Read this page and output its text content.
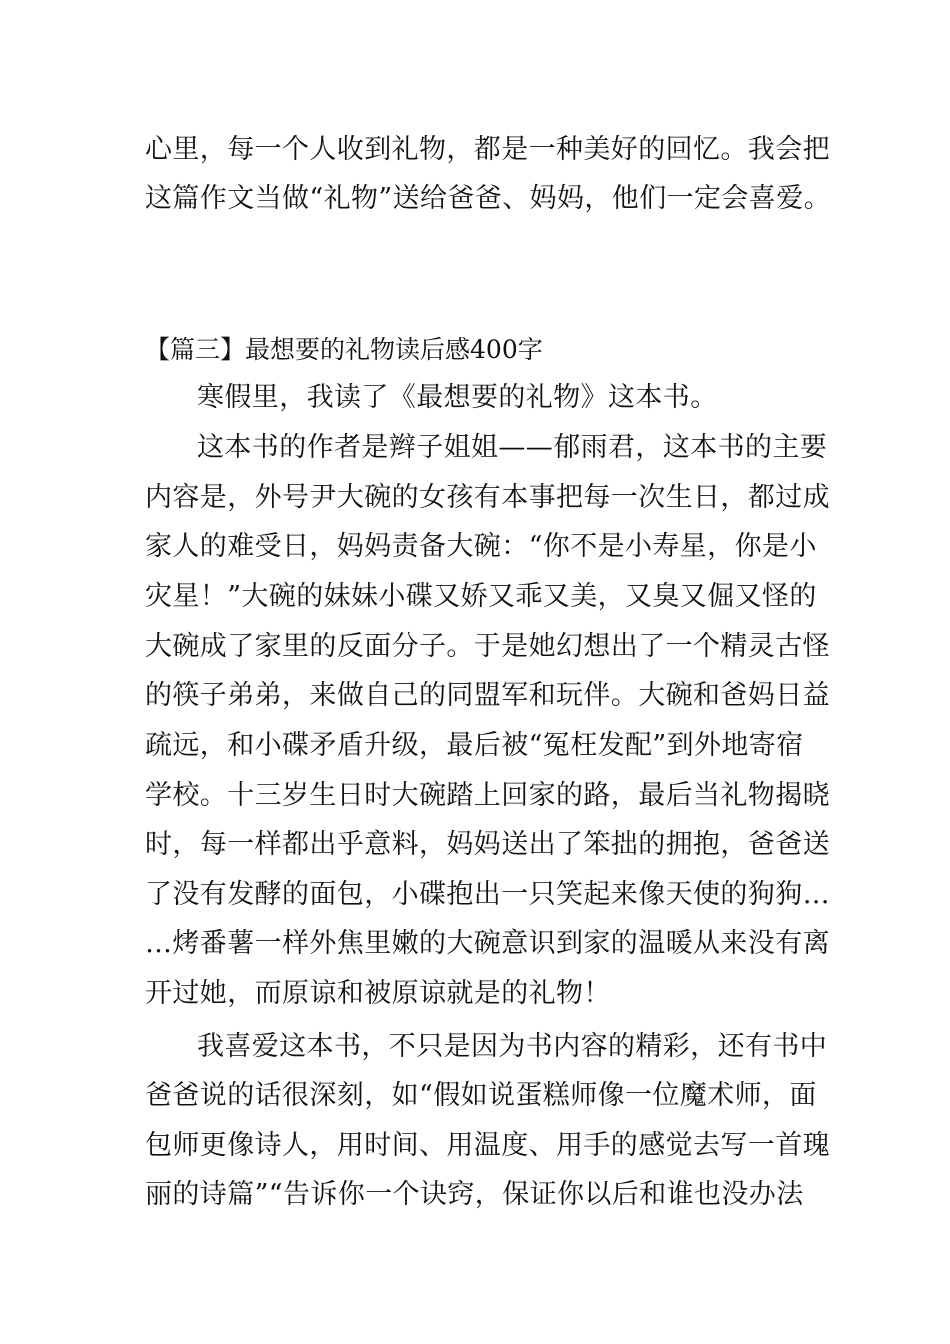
心里，每一个人收到礼物，都是一种美好的回忆。我会把
这篇作文当做“礼物”送给爸爸、妈妈，他们一定会喜爱。
【篇三】最想要的礼物读后感400字
寒假里，我读了《最想要的礼物》这本书。
这本书的作者是辫子姐姐——郁雨君，这本书的主要
内容是，外号尹大碗的女孩有本事把每一次生日，都过成
家人的难受日，妈妈责备大碗：“你不是小寿星，你是小
灾星！”大碗的妹妹小碟又娇又乖又美，又臭又倔又怪的
大碗成了家里的反面分子。于是她幻想出了一个精灵古怪
的筷子弟弟，来做自己的同盟军和玩伴。大碗和爸妈日益
疏远，和小碟矛盾升级，最后被“冤枉发配”到外地寄宿
学校。十三岁生日时大碗踏上回家的路，最后当礼物揭晓
时，每一样都出乎意料，妈妈送出了笨拙的拥抱，爸爸送
了没有发酵的面包，小碟抱出一只笑起来像天使的狗狗…
…烤番薯一样外焦里嫩的大碗意识到家的温暖从来没有离
开过她，而原谅和被原谅就是的礼物！
我喜爱这本书，不只是因为书内容的精彩，还有书中
爸爸说的话很深刻，如“假如说蛋糕师像一位魔术师，面
包师更像诗人，用时间、用温度、用手的感觉去写一首瑰
丽的诗篇”“告诉你一个诀窍，保证你以后和谁也没办法
